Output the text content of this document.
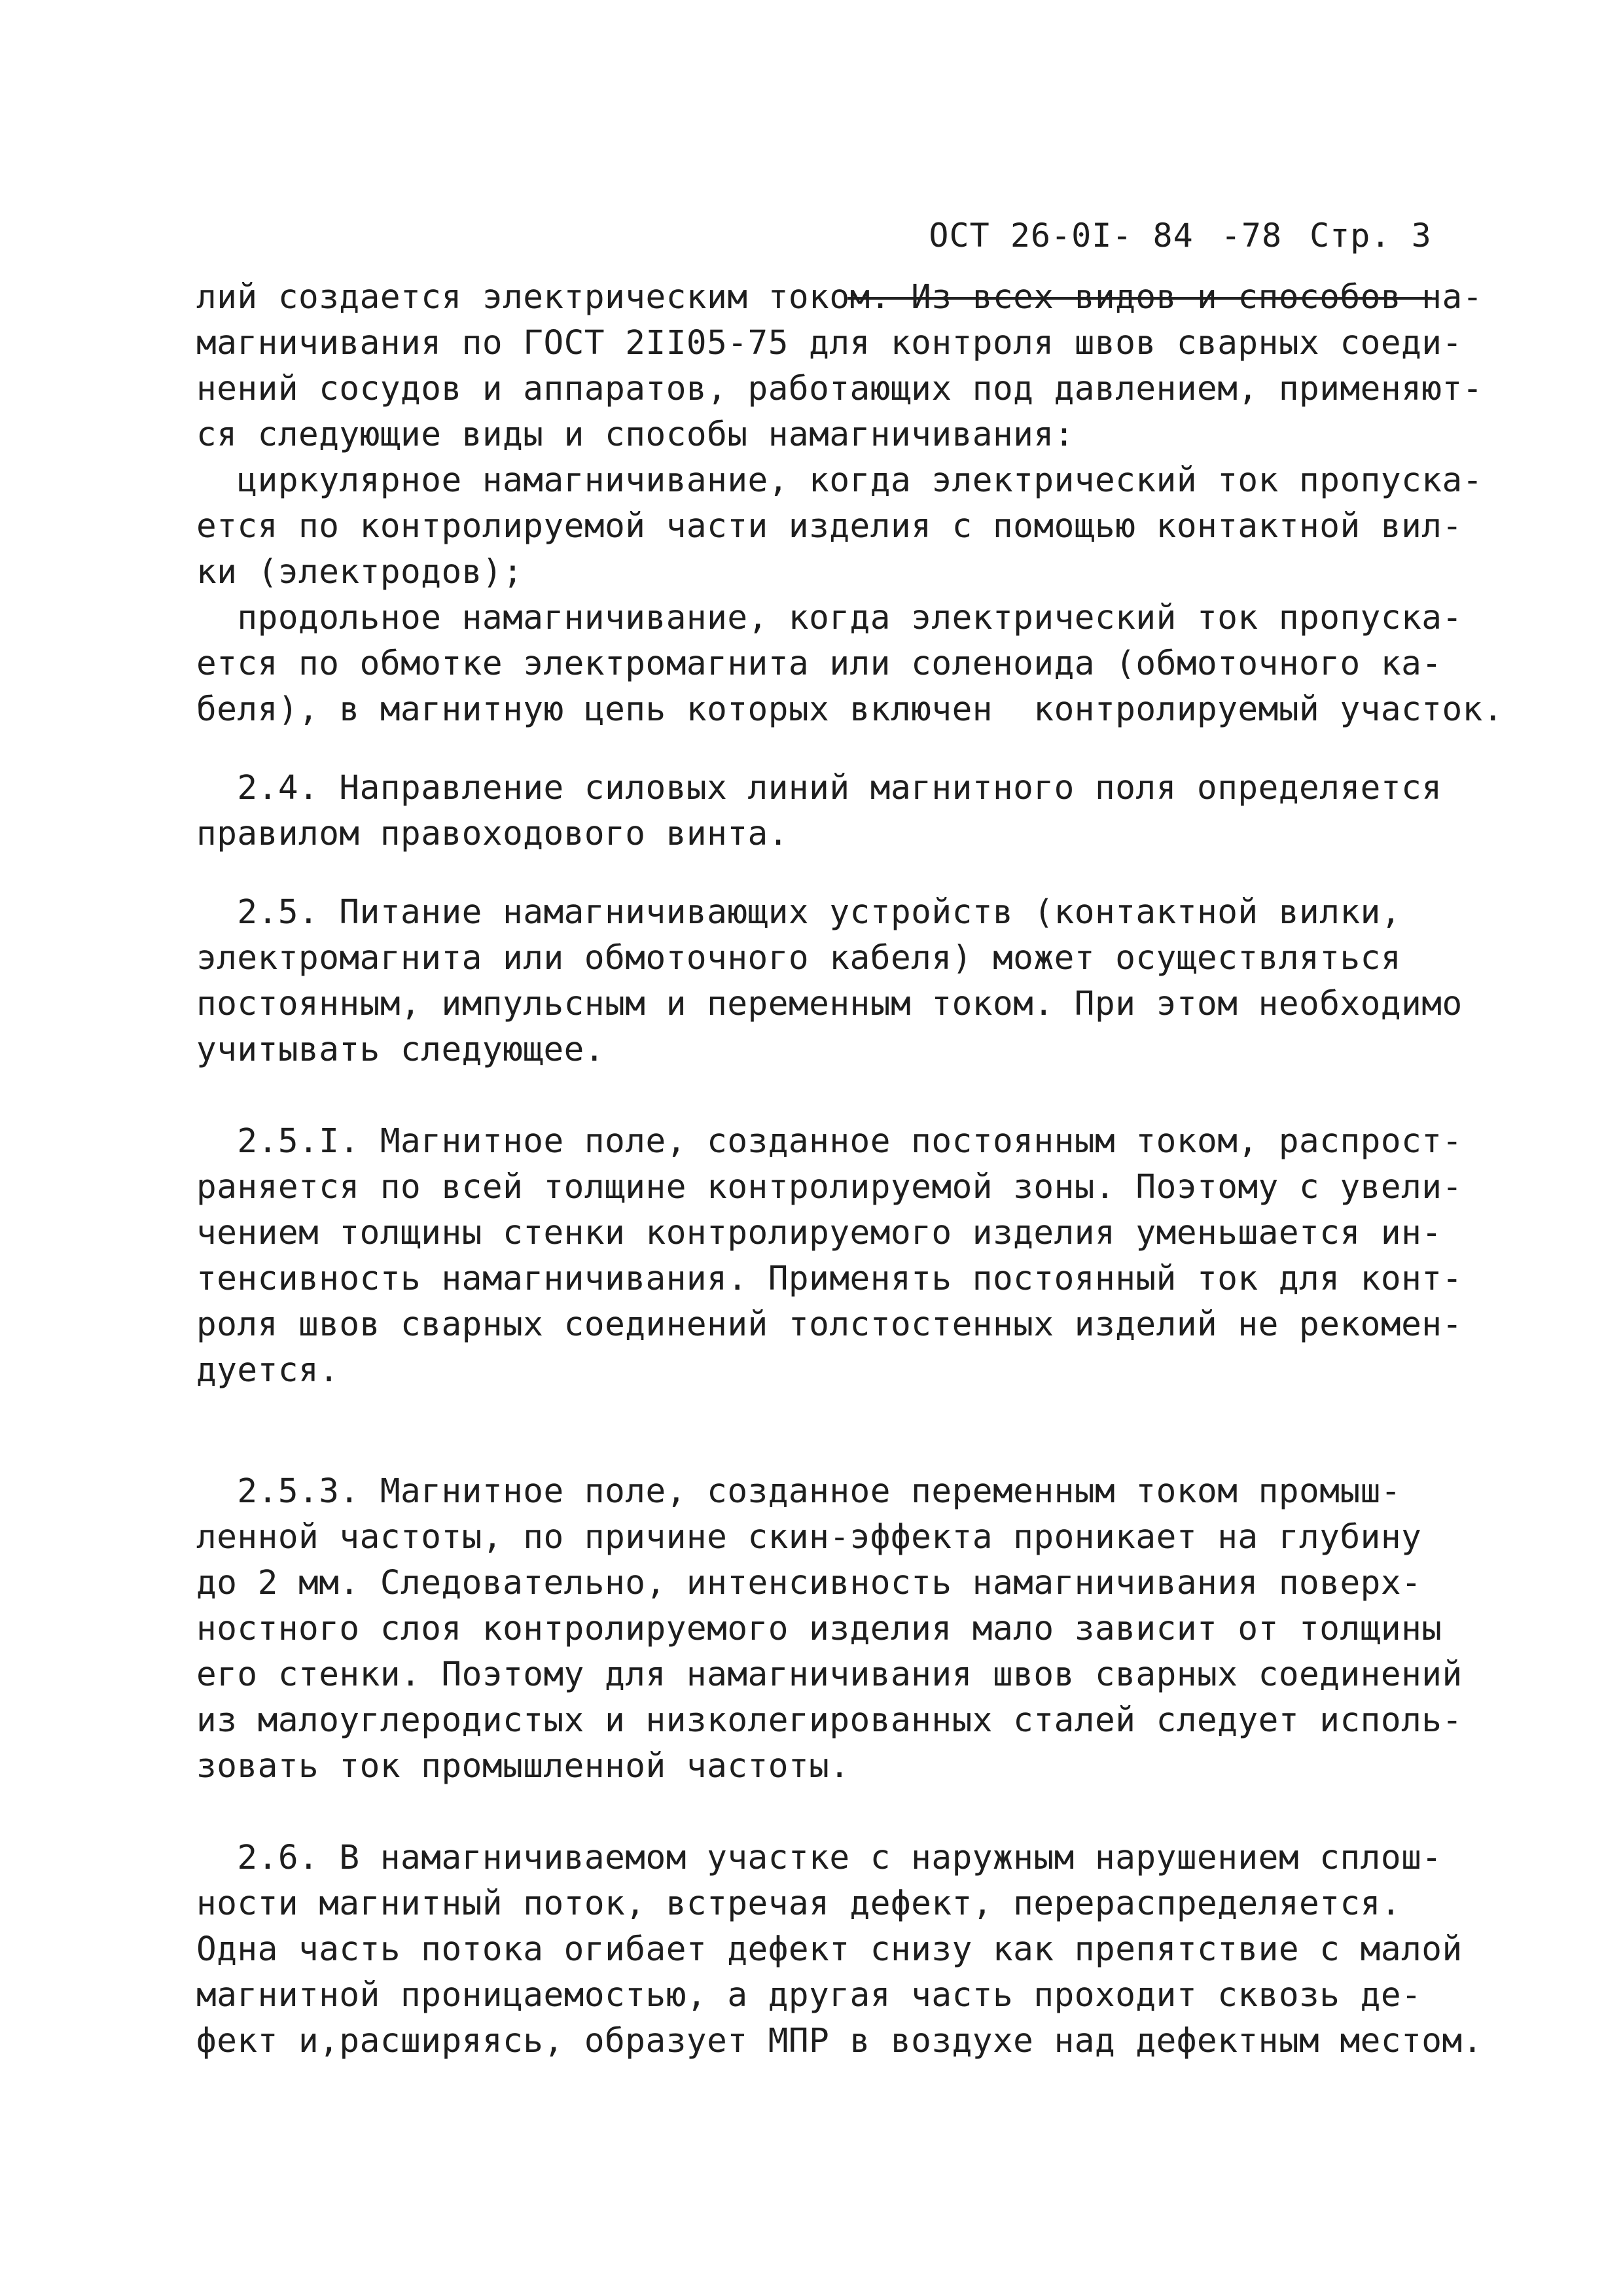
ОСТ 26-0I- 84 -78 Стр. 3

лий создается электрическим током. Из всех видов и способов на-
магничивания по ГОСТ 2II05-75 для контроля швов сварных соеди-
нений сосудов и аппаратов, работающих под давлением, применяют-
ся следующие виды и способы намагничивания:
циркулярное намагничивание, когда электрический ток пропуска-
ется по контролируемой части изделия с помощью контактной вил-
ки (электродов);
продольное намагничивание, когда электрический ток пропуска-
ется по обмотке электромагнита или соленоида (обмоточного ка-
беля), в магнитную цепь которых включен  контролируемый участок.
2.4. Направление силовых линий магнитного поля определяется
правилом правоходового винта.
2.5. Питание намагничивающих устройств (контактной вилки,
электромагнита или обмоточного кабеля) может осуществляться
постоянным, импульсным и переменным током. При этом необходимо
учитывать следующее.
2.5.I. Магнитное поле, созданное постоянным током, распрост-
раняется по всей толщине контролируемой зоны. Поэтому с увели-
чением толщины стенки контролируемого изделия уменьшается ин-
тенсивность намагничивания. Применять постоянный ток для конт-
роля швов сварных соединений толстостенных изделий не рекомен-
дуется.
2.5.3. Магнитное поле, созданное переменным током промыш-
ленной частоты, по причине скин-эффекта проникает на глубину
до 2 мм. Следовательно, интенсивность намагничивания поверх-
ностного слоя контролируемого изделия мало зависит от толщины
его стенки. Поэтому для намагничивания швов сварных соединений
из малоуглеродистых и низколегированных сталей следует исполь-
зовать ток промышленной частоты.
2.6. В намагничиваемом участке с наружным нарушением сплош-
ности магнитный поток, встречая дефект, перераспределяется.
Одна часть потока огибает дефект снизу как препятствие с малой
магнитной проницаемостью, а другая часть проходит сквозь де-
фект и,расширяясь, образует МПР в воздухе над дефектным местом.
